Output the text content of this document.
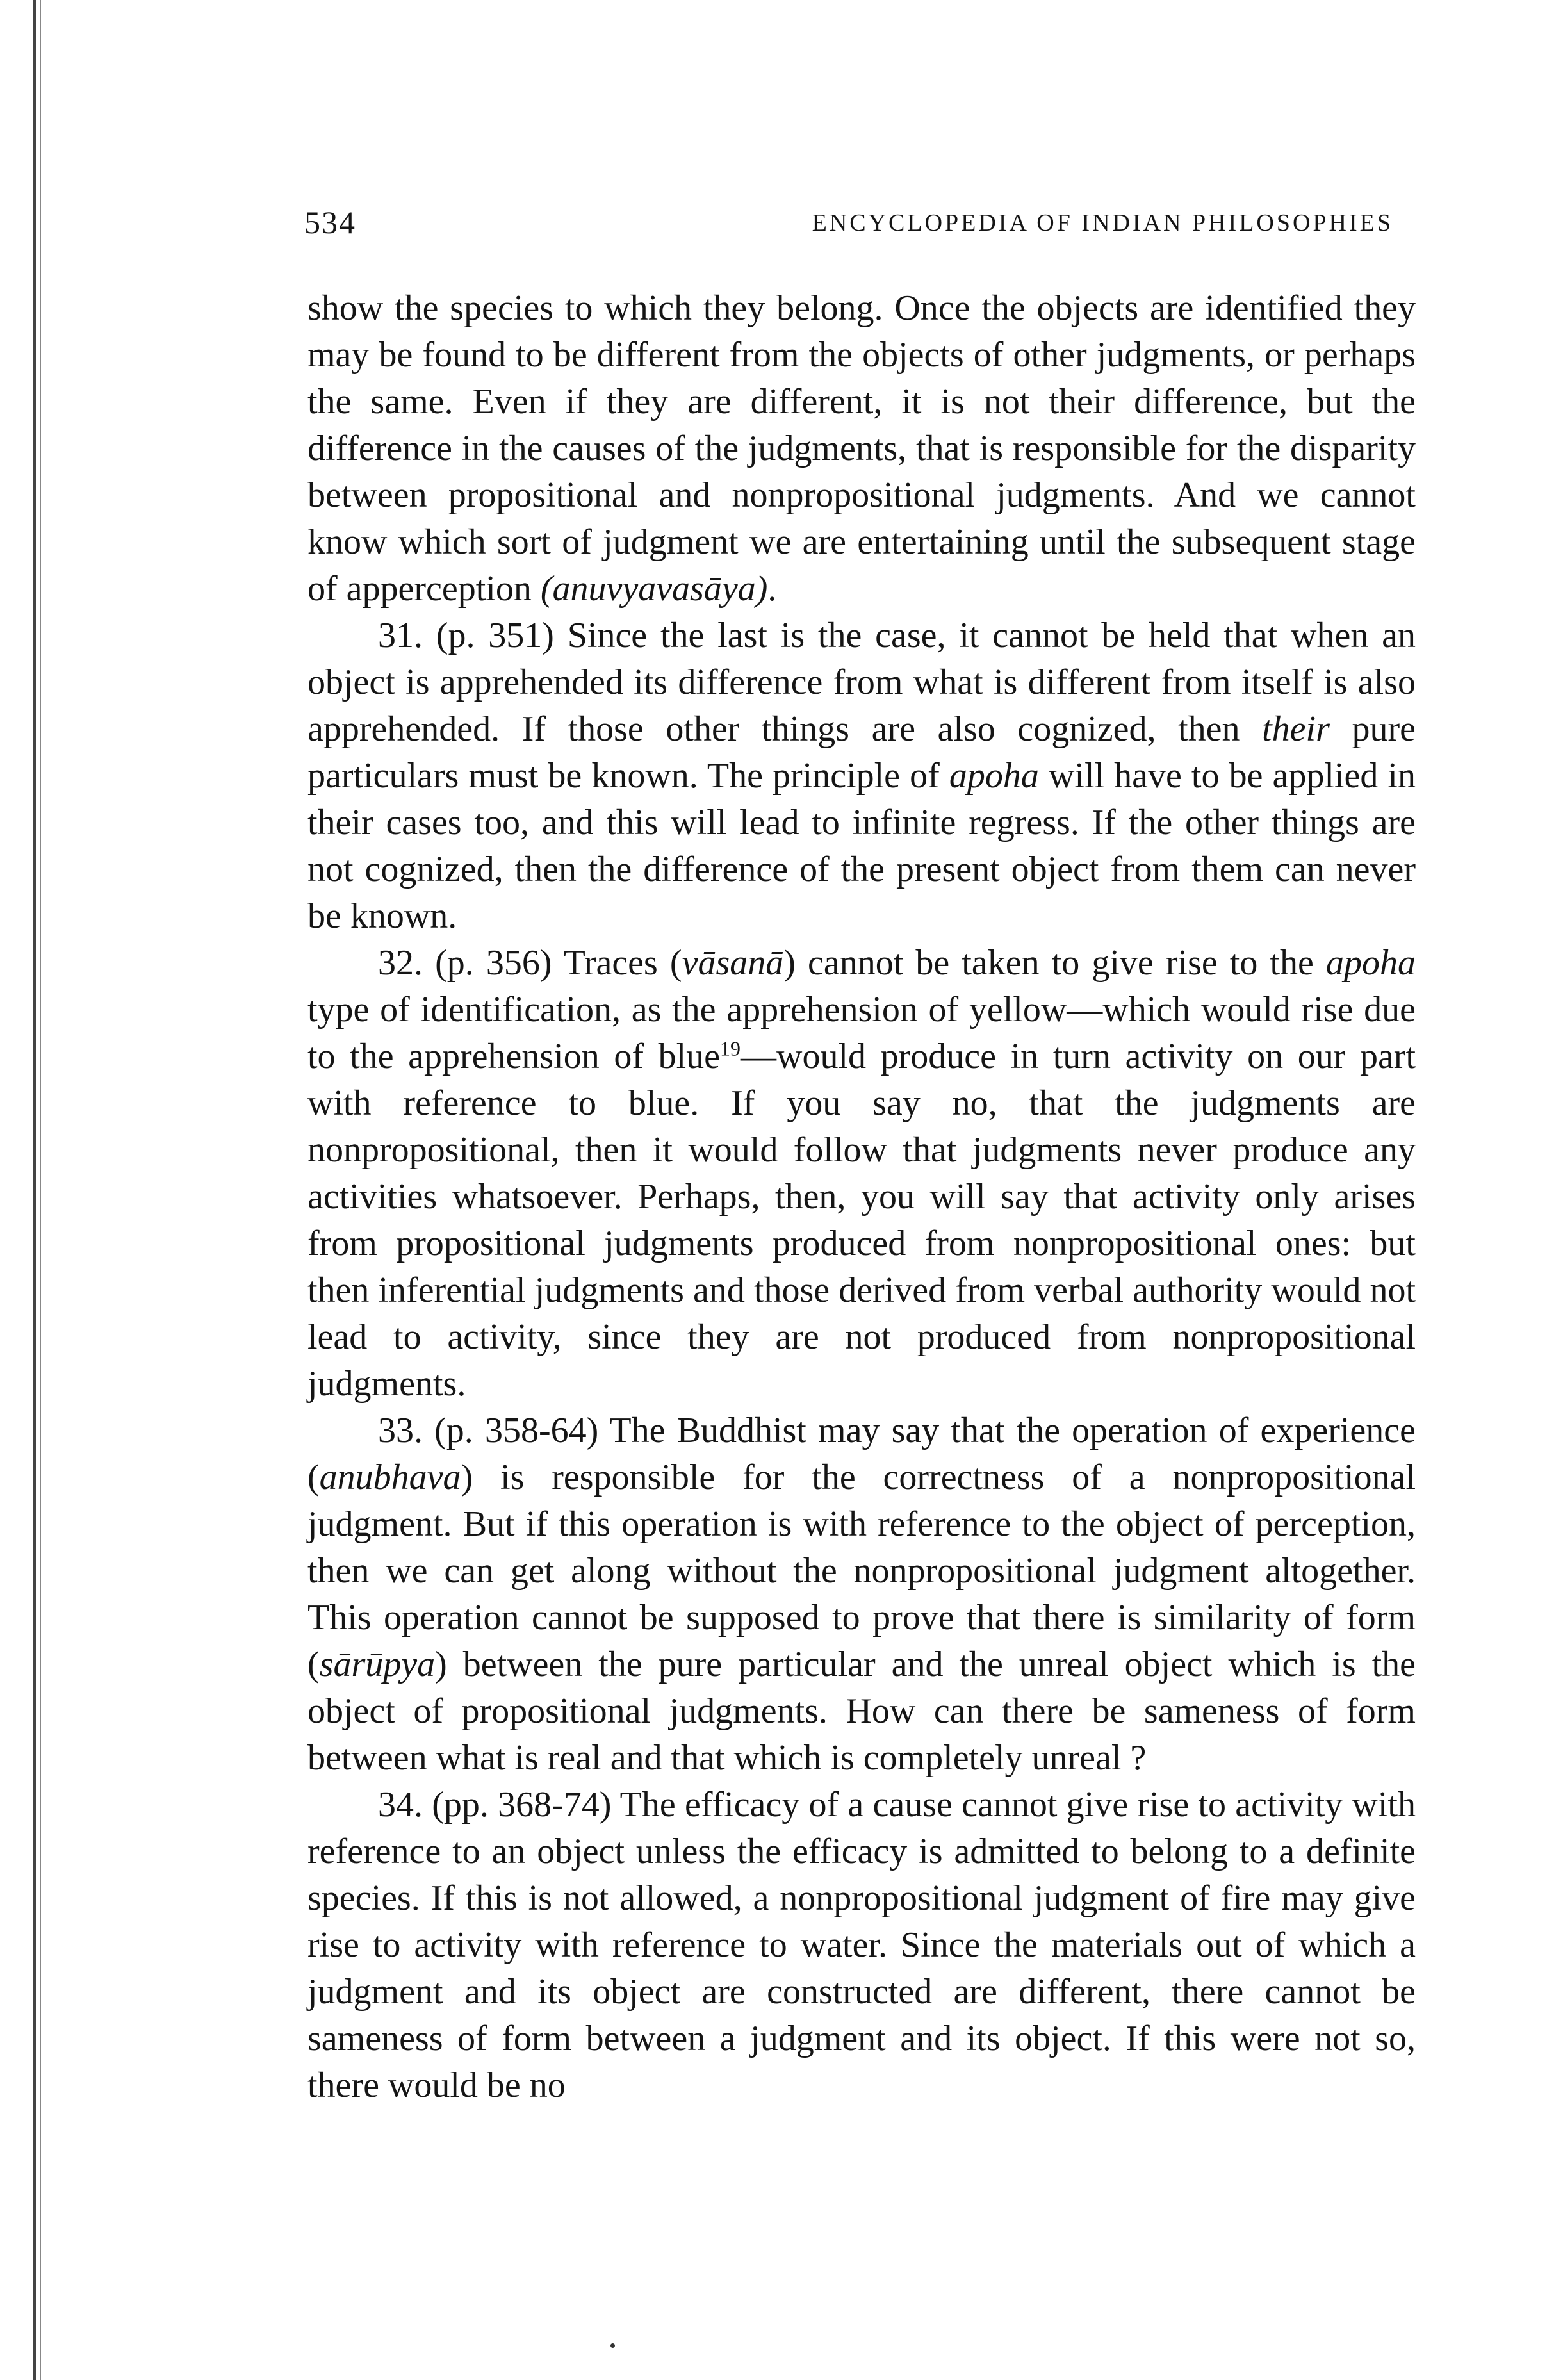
534	ENCYCLOPEDIA OF INDIAN PHILOSOPHIES

show the species to which they belong. Once the objects are identified they may be found to be different from the objects of other judgments, or perhaps the same. Even if they are different, it is not their difference, but the difference in the causes of the judgments, that is responsible for the disparity between propositional and nonpropositional judgments. And we cannot know which sort of judgment we are entertaining until the subsequent stage of apperception (anuvyavasāya).

31. (p. 351) Since the last is the case, it cannot be held that when an object is apprehended its difference from what is different from itself is also apprehended. If those other things are also cognized, then their pure particulars must be known. The principle of apoha will have to be applied in their cases too, and this will lead to infinite regress. If the other things are not cognized, then the difference of the present object from them can never be known.

32. (p. 356) Traces (vāsanā) cannot be taken to give rise to the apoha type of identification, as the apprehension of yellow—which would rise due to the apprehension of blue$^{19}$—would produce in turn activity on our part with reference to blue. If you say no, that the judgments are nonpropositional, then it would follow that judgments never produce any activities whatsoever. Perhaps, then, you will say that activity only arises from propositional judgments produced from nonpropositional ones: but then inferential judgments and those derived from verbal authority would not lead to activity, since they are not produced from nonpropositional judgments.

33. (p. 358-64) The Buddhist may say that the operation of experience (anubhava) is responsible for the correctness of a nonpropositional judgment. But if this operation is with reference to the object of perception, then we can get along without the nonpropositional judgment altogether. This operation cannot be supposed to prove that there is similarity of form (sārūpya) between the pure particular and the unreal object which is the object of propositional judgments. How can there be sameness of form between what is real and that which is completely unreal ?

34. (pp. 368-74) The efficacy of a cause cannot give rise to activity with reference to an object unless the efficacy is admitted to belong to a definite species. If this is not allowed, a nonpropositional judgment of fire may give rise to activity with reference to water. Since the materials out of which a judgment and its object are constructed are different, there cannot be sameness of form between a judgment and its object. If this were not so, there would be no
